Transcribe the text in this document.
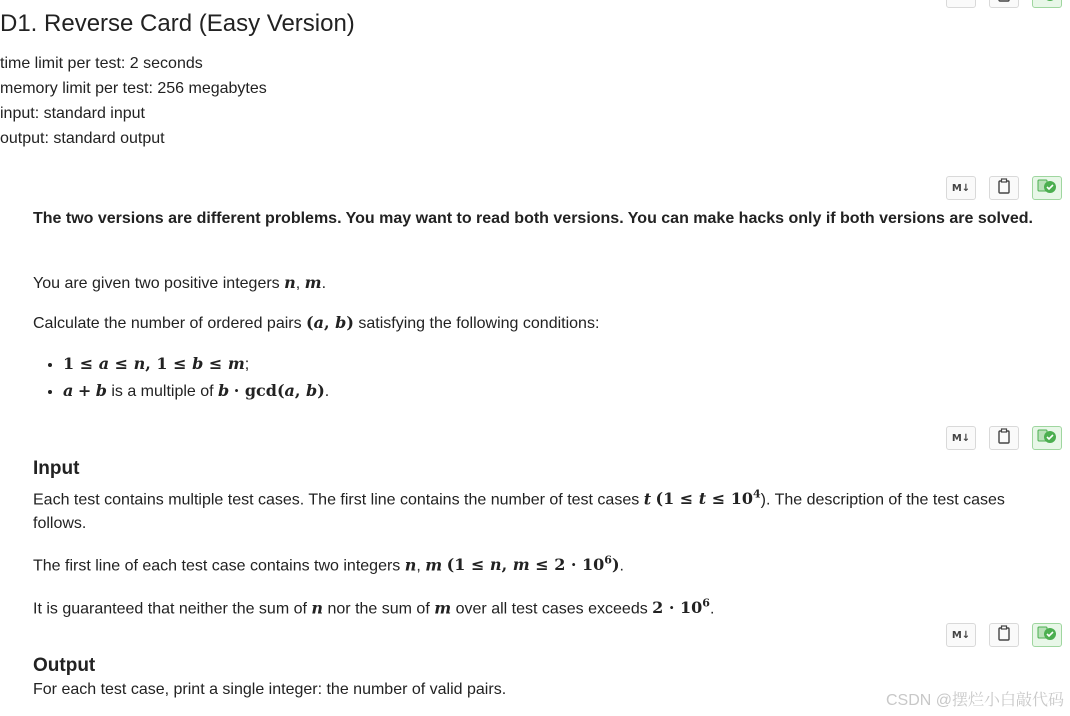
D1. Reverse Card (Easy Version)
time limit per test: 2 seconds
memory limit per test: 256 megabytes
input: standard input
output: standard output
M↓
The two versions are different problems. You may want to read both versions. You can make hacks only if both versions are solved.
You are given two positive integers n, m.
Calculate the number of ordered pairs (a, b) satisfying the following conditions:
• 1 ≤ a ≤ n, 1 ≤ b ≤ m;
• a + b is a multiple of b · gcd(a, b).
M↓
Input
Each test contains multiple test cases. The first line contains the number of test cases t $(1 \le t \le 10^4)$. The description of the test cases follows.
The first line of each test case contains two integers n, m (1 ≤ n, $m \le 2 \cdot 10^6$).
It is guaranteed that neither the sum of n nor the sum of m over all test cases exceeds $2 \cdot 10^6$.
M↓
Output
For each test case, print a single integer: the number of valid pairs.
CSDN @摆烂小白敲代码
